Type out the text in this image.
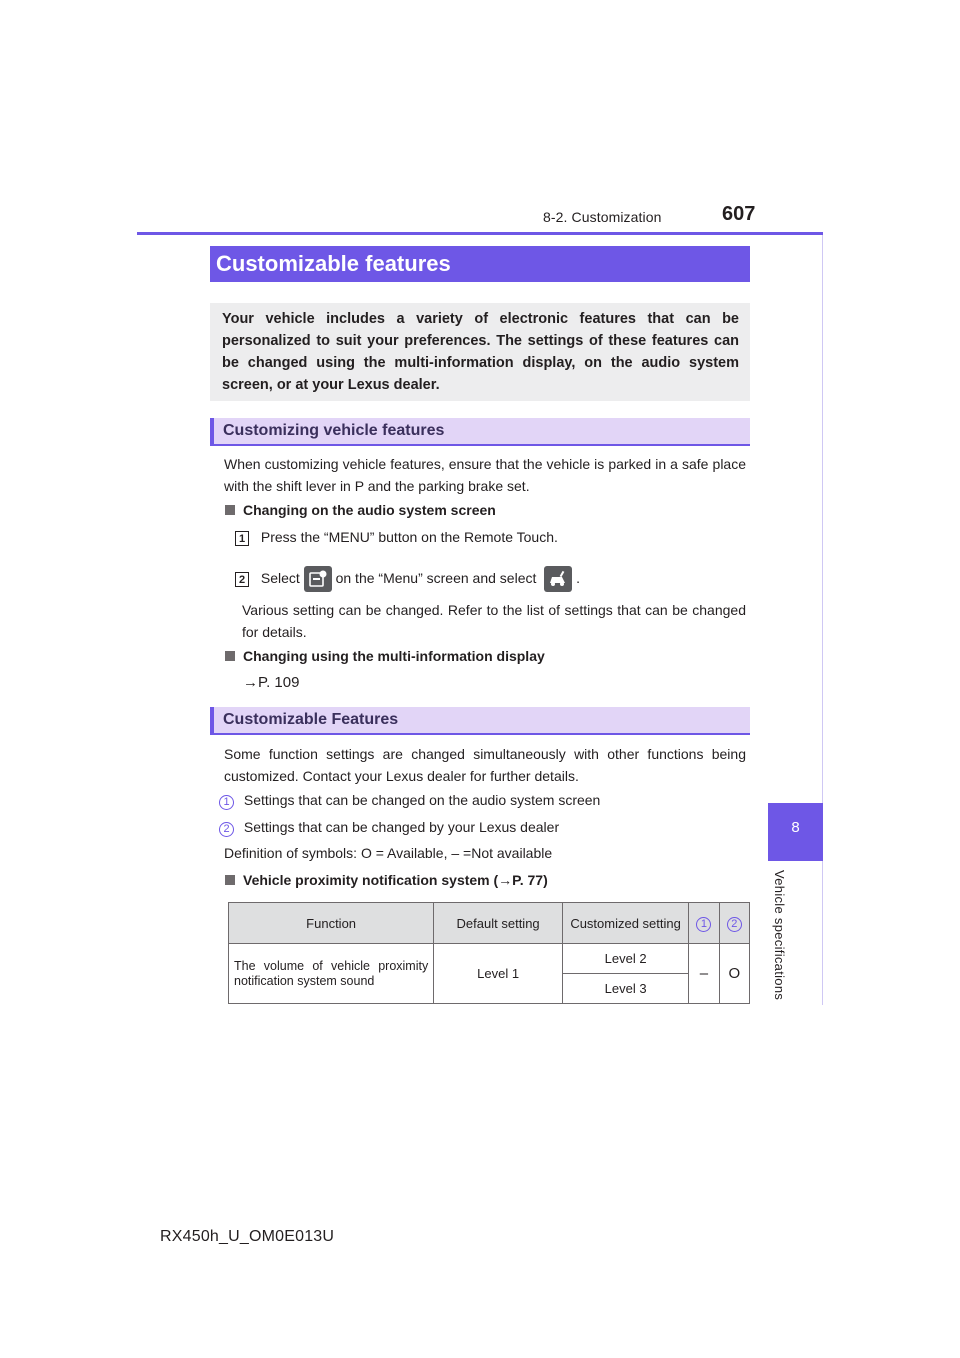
8-2. Customization	607
8
Vehicle specifications
Customizable features
Your vehicle includes a variety of electronic features that can be personalized to suit your preferences. The settings of these features can be changed using the multi-information display, on the audio system screen, or at your Lexus dealer.
Customizing vehicle features
When customizing vehicle features, ensure that the vehicle is parked in a safe place with the shift lever in P and the parking brake set.
Changing on the audio system screen
1 Press the “MENU” button on the Remote Touch.
2 Select	on the “Menu” screen and select	.
Various setting can be changed. Refer to the list of settings that can be changed for details.
Changing using the multi-information display
→P. 109
Customizable Features
Some function settings are changed simultaneously with other functions being customized. Contact your Lexus dealer for further details.
1 Settings that can be changed on the audio system screen
2 Settings that can be changed by your Lexus dealer
Definition of symbols: O = Available, – =Not available
Vehicle proximity notification system (→P. 77)
Function	Default setting	Customized setting	1	2
The volume of vehicle proximity notification system sound	Level 1	Level 2	–	O
		Level 3		
RX450h_U_OM0E013U
